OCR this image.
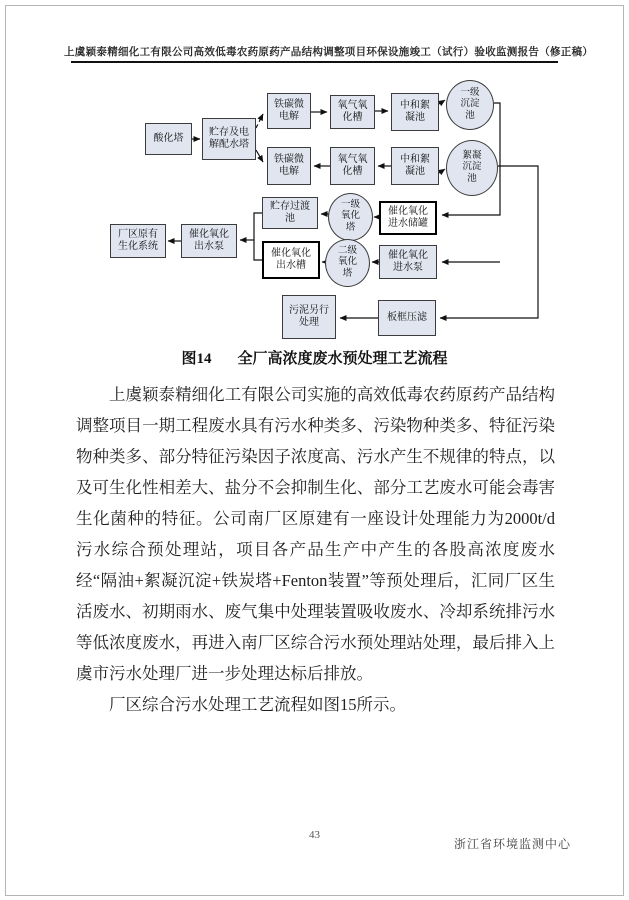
上虞颖泰精细化工有限公司高效低毒农药原药产品结构调整项目环保设施竣工（试行）验收监测报告（修正稿）
酸化塔
贮存及电解配水塔
铁碳微电解
铁碳微电解
氧气氧化槽
氧气氧化槽
中和絮凝池
中和絮凝池
一级沉淀池
絮凝沉淀池
厂区原有生化系统
催化氧化出水泵
贮存过渡池
催化氧化出水槽
一级氧化塔
二级氧化塔
催化氧化进水储罐
催化氧化进水泵
板框压滤
污泥另行处理
图14 全厂高浓度废水预处理工艺流程

上虞颖泰精细化工有限公司实施的高效低毒农药原药产品结构调整项目一期工程废水具有污水种类多、污染物种类多、特征污染物种类多、部分特征污染因子浓度高、污水产生不规律的特点，以及可生化性相差大、盐分不会抑制生化、部分工艺废水可能会毒害生化菌种的特征。公司南厂区原建有一座设计处理能力为2000t/d污水综合预处理站，项目各产品生产中产生的各股高浓度废水经“隔油+絮凝沉淀+铁炭塔+Fenton装置”等预处理后，汇同厂区生活废水、初期雨水、废气集中处理装置吸收废水、冷却系统排污水等低浓度废水，再进入南厂区综合污水预处理站处理，最后排入上虞市污水处理厂进一步处理达标后排放。

厂区综合污水处理工艺流程如图15所示。

43
浙江省环境监测中心
